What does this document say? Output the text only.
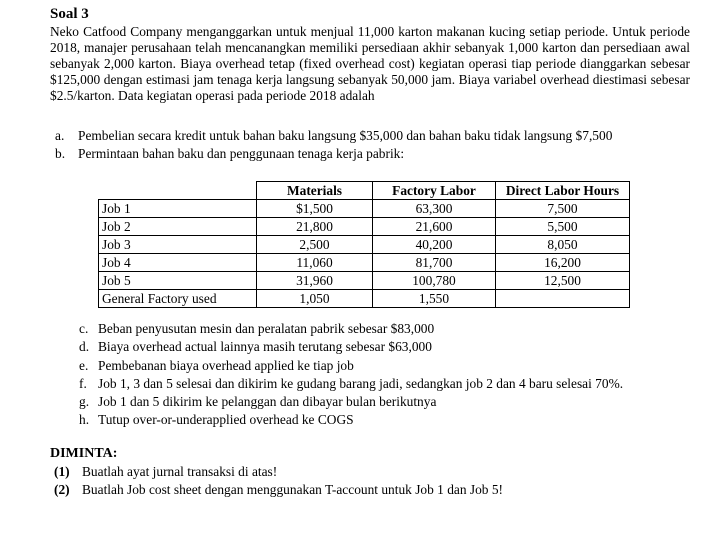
Soal 3

Neko Catfood Company menganggarkan untuk menjual 11,000 karton makanan kucing setiap periode. Untuk periode 2018, manajer perusahaan telah mencanangkan memiliki persediaan akhir sebanyak 1,000 karton dan persediaan awal sebanyak 2,000 karton. Biaya overhead tetap (fixed overhead cost) kegiatan operasi tiap periode dianggarkan sebesar $125,000 dengan estimasi jam tenaga kerja langsung sebanyak 50,000 jam. Biaya variabel overhead diestimasi sebesar $2.5/karton. Data kegiatan operasi pada periode 2018 adalah

a. Pembelian secara kredit untuk bahan baku langsung $35,000 dan bahan baku tidak langsung $7,500
b. Permintaan bahan baku dan penggunaan tenaga kerja pabrik:
	Materials	Factory Labor	Direct Labor Hours
Job 1	$1,500	63,300	7,500
Job 2	21,800	21,600	5,500
Job 3	2,500	40,200	8,050
Job 4	11,060	81,700	16,200
Job 5	31,960	100,780	12,500
General Factory used	1,050	1,550	
c. Beban penyusutan mesin dan peralatan pabrik sebesar $83,000
d. Biaya overhead actual lainnya masih terutang sebesar $63,000
e. Pembebanan biaya overhead applied ke tiap job
f. Job 1, 3 dan 5 selesai dan dikirim ke gudang barang jadi, sedangkan job 2 dan 4 baru selesai 70%.
g. Job 1 dan 5 dikirim ke pelanggan dan dibayar bulan berikutnya
h. Tutup over-or-underapplied overhead ke COGS
DIMINTA:
(1) Buatlah ayat jurnal transaksi di atas!
(2) Buatlah Job cost sheet dengan menggunakan T-account untuk Job 1 dan Job 5!
